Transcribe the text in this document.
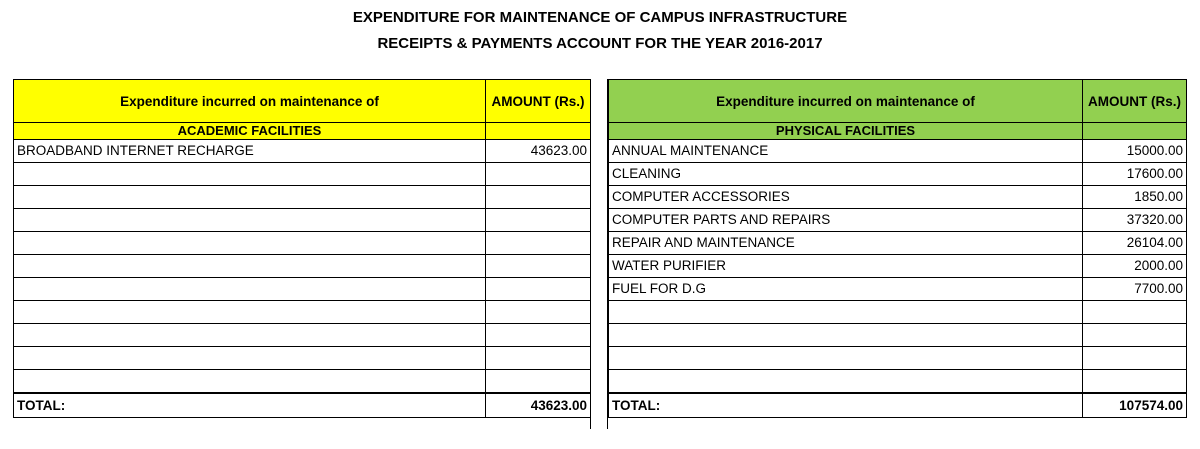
EXPENDITURE FOR MAINTENANCE OF CAMPUS INFRASTRUCTURE
RECEIPTS & PAYMENTS ACCOUNT FOR THE YEAR 2016-2017
Expenditure incurred on maintenance of	AMOUNT (Rs.)
ACADEMIC FACILITIES	
BROADBAND INTERNET RECHARGE	43623.00

TOTAL:	43623.00
Expenditure incurred on maintenance of	AMOUNT (Rs.)
PHYSICAL FACILITIES	
ANNUAL MAINTENANCE	15000.00
CLEANING	17600.00
COMPUTER ACCESSORIES	1850.00
COMPUTER PARTS AND REPAIRS	37320.00
REPAIR AND MAINTENANCE	26104.00
WATER PURIFIER	2000.00
FUEL FOR D.G	7700.00

TOTAL:	107574.00
